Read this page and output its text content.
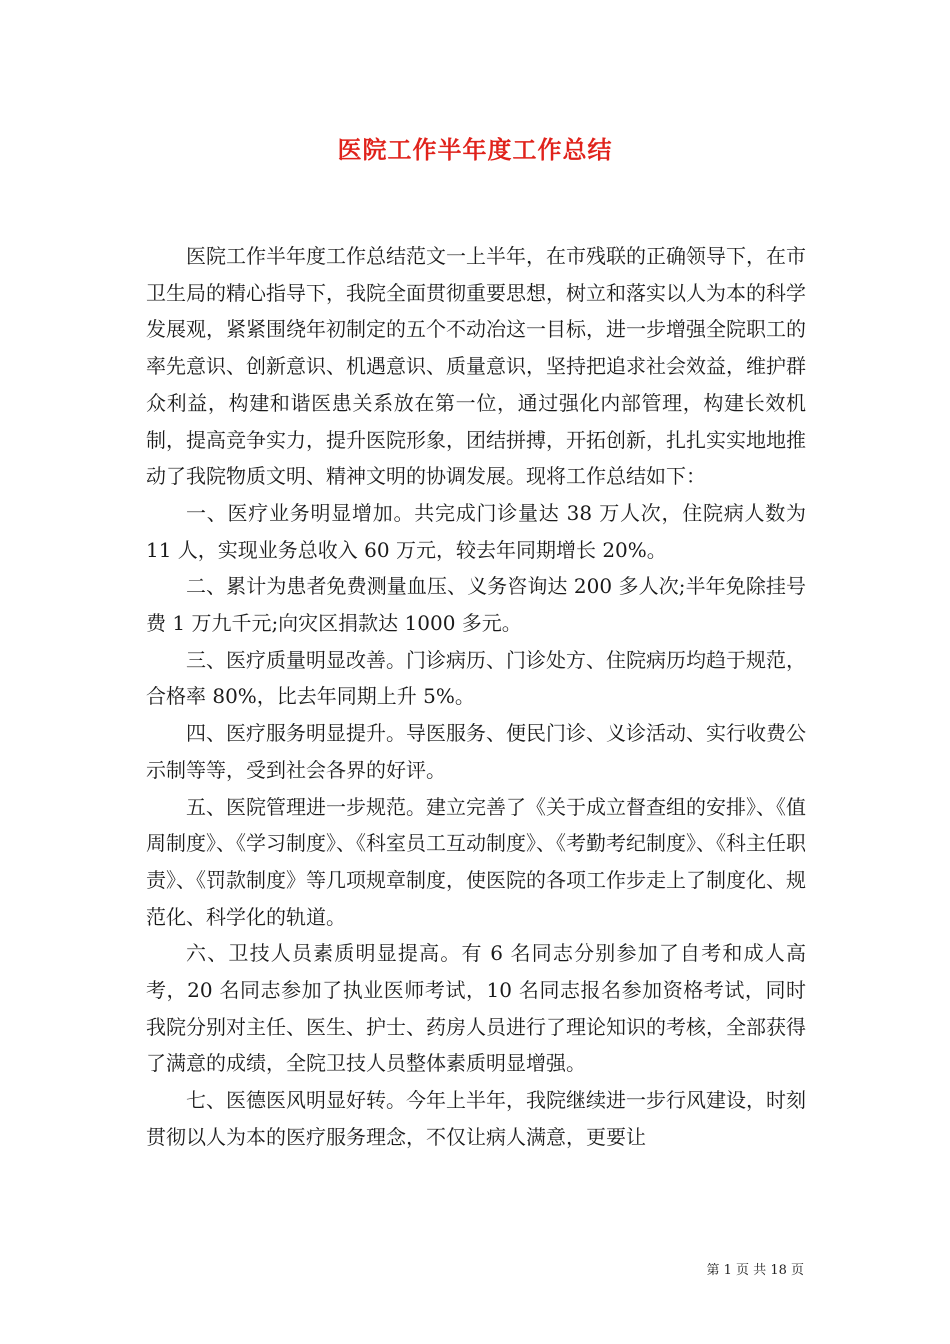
医院工作半年度工作总结

医院工作半年度工作总结范文一上半年，在市残联的正确领导下，在市卫生局的精心指导下，我院全面贯彻重要思想，树立和落实以人为本的科学发展观，紧紧围绕年初制定的五个不动冶这一目标，进一步增强全院职工的率先意识、创新意识、机遇意识、质量意识，坚持把追求社会效益，维护群众利益，构建和谐医患关系放在第一位，通过强化内部管理，构建长效机制，提高竞争实力，提升医院形象，团结拼搏，开拓创新，扎扎实实地地推动了我院物质文明、精神文明的协调发展。现将工作总结如下：

一、医疗业务明显增加。共完成门诊量达 38 万人次，住院病人数为 11 人，实现业务总收入 60 万元，较去年同期增长 20%。

二、累计为患者免费测量血压、义务咨询达 200 多人次;半年免除挂号费 1 万九千元;向灾区捐款达 1000 多元。

三、医疗质量明显改善。门诊病历、门诊处方、住院病历均趋于规范，合格率 80%，比去年同期上升 5%。

四、医疗服务明显提升。导医服务、便民门诊、义诊活动、实行收费公示制等等，受到社会各界的好评。

五、医院管理进一步规范。建立完善了《关于成立督查组的安排》、《值周制度》、《学习制度》、《科室员工互动制度》、《考勤考纪制度》、《科主任职责》、《罚款制度》等几项规章制度，使医院的各项工作步走上了制度化、规范化、科学化的轨道。

六、卫技人员素质明显提高。有 6 名同志分别参加了自考和成人高考，20 名同志参加了执业医师考试，10 名同志报名参加资格考试，同时我院分别对主任、医生、护士、药房人员进行了理论知识的考核，全部获得了满意的成绩，全院卫技人员整体素质明显增强。

七、医德医风明显好转。今年上半年，我院继续进一步行风建设，时刻贯彻以人为本的医疗服务理念，不仅让病人满意，更要让

第 1 页 共 18 页
